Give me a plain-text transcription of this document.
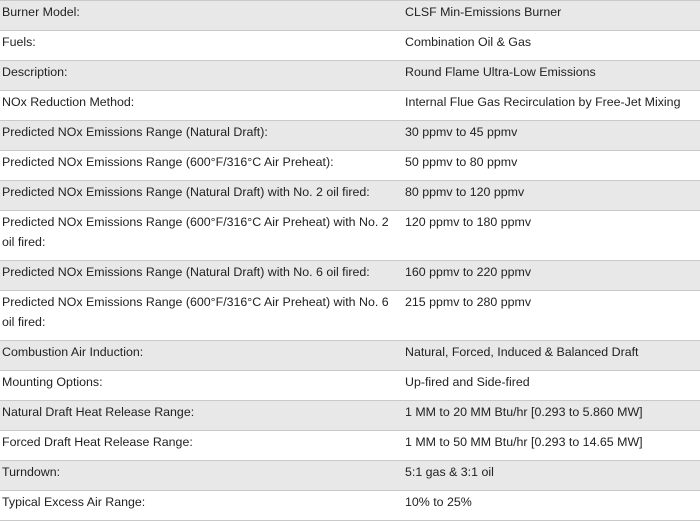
Burner Model:	CLSF Min-Emissions Burner
Fuels:	Combination Oil & Gas
Description:	Round Flame Ultra-Low Emissions
NOx Reduction Method:	Internal Flue Gas Recirculation by Free-Jet Mixing
Predicted NOx Emissions Range (Natural Draft):	30 ppmv to 45 ppmv
Predicted NOx Emissions Range (600°F/316°C Air Preheat):	50 ppmv to 80 ppmv
Predicted NOx Emissions Range (Natural Draft) with No. 2 oil fired:	80 ppmv to 120 ppmv
Predicted NOx Emissions Range (600°F/316°C Air Preheat) with No. 2 oil fired:	120 ppmv to 180 ppmv
Predicted NOx Emissions Range (Natural Draft) with No. 6 oil fired:	160 ppmv to 220 ppmv
Predicted NOx Emissions Range (600°F/316°C Air Preheat) with No. 6 oil fired:	215 ppmv to 280 ppmv
Combustion Air Induction:	Natural, Forced, Induced & Balanced Draft
Mounting Options:	Up-fired and Side-fired
Natural Draft Heat Release Range:	1 MM to 20 MM Btu/hr [0.293 to 5.860 MW]
Forced Draft Heat Release Range:	1 MM to 50 MM Btu/hr [0.293 to 14.65 MW]
Turndown:	5:1 gas & 3:1 oil
Typical Excess Air Range:	10% to 25%
